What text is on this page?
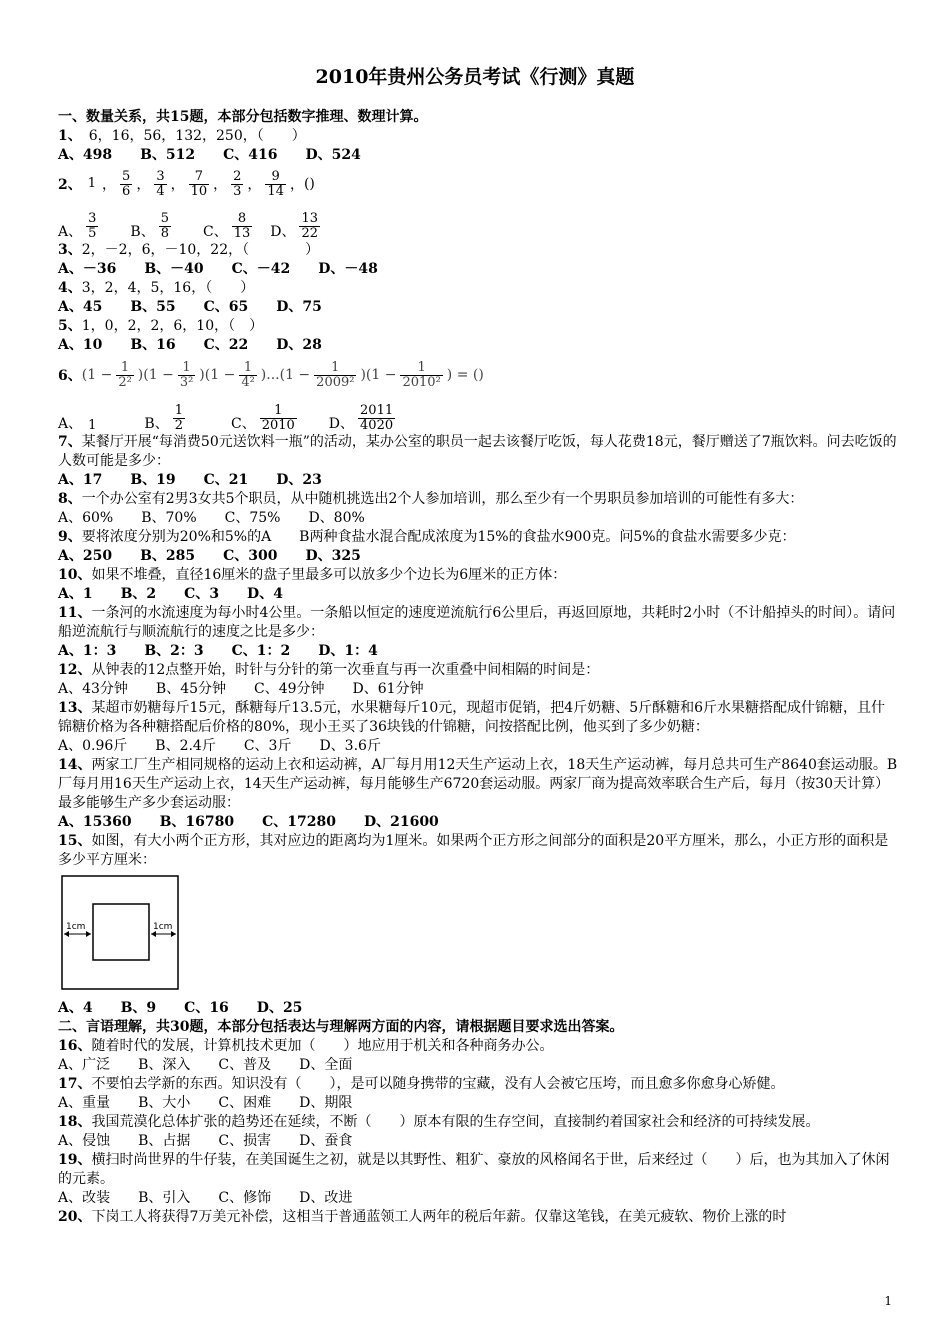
2010年贵州公务员考试《行测》真题
一、数量关系，共15题，本部分包括数字推理、数理计算。
1、　 6，16，56，132，250，（　　）
A、498　　B、512　　C、416　　D、524
2、 1 ， $\frac{5}{6}$ ， $\frac{3}{4}$ ， $\frac{7}{10}$ ， $\frac{2}{3}$ ， $\frac{9}{14}$ ， ()
A、 $\frac{3}{5}$
　　 B、 $\frac{5}{8}$
　　 C、 $\frac{8}{13}$
　 D、 $\frac{13}{22}$
3、2，－2，6，－10，22，（　　　　）
A、－36　　B、－40　　C、－42　　D、－48
4、3，2，4，5，16，（　　）
A、45　　B、55　　C、65　　D、75
5、1，0，2，2，6，10，（　）
A、10　　B、16　　C、22　　D、28
6、 $(1 - \frac{1}{\text{2²}} )(1 - \frac{1}{\text{3²}} )(1 - \frac{1}{\text{4²}} )...(1 - \frac{1}{\text{2009²}} )(1 - \frac{1}{\text{2010²}}$ ) = ()
A、 1
　　　	B、 $\frac{1}{2}$
　　　	C、 $\frac{1}{2010}$
　　 D、 $\frac{2011}{4020}$
7、某餐厅开展“每消费50元送饮料一瓶”的活动，某办公室的职员一起去该餐厅吃饭，每人花费18元，餐厅赠送了7瓶饮料。问去吃饭的人数可能是多少：
A、17　　B、19　　C、21　　D、23
8、一个办公室有2男3女共5个职员，从中随机挑选出2个人参加培训，那么至少有一个男职员参加培训的可能性有多大：
A、60%　　B、70%　　C、75%　　D、80%
9、要将浓度分别为20%和5%的A　　B两种食盐水混合配成浓度为15%的食盐水900克。问5%的食盐水需要多少克：
A、250　　B、285　　C、300　　D、325
10、如果不堆叠，直径16厘米的盘子里最多可以放多少个边长为6厘米的正方体：
A、1　　B、2　　C、3　　D、4
11、一条河的水流速度为每小时4公里。一条船以恒定的速度逆流航行6公里后，再返回原地，共耗时2小时（不计船掉头的时间）。请问船逆流航行与顺流航行的速度之比是多少：
A、1：3　　B、2：3　　C、1：2　　D、1：4
12、从钟表的12点整开始，时针与分针的第一次垂直与再一次重叠中间相隔的时间是：
A、43分钟　　B、45分钟　　C、49分钟　　D、61分钟
13、某超市奶糖每斤15元，酥糖每斤13.5元，水果糖每斤10元，现超市促销，把4斤奶糖、5斤酥糖和6斤水果糖搭配成什锦糖，且什锦糖价格为各种糖搭配后价格的80%，现小王买了36块钱的什锦糖，问按搭配比例，他买到了多少奶糖：
A、0.96斤　　B、2.4斤　　C、3斤　　D、3.6斤
14、两家工厂生产相同规格的运动上衣和运动裤，A厂每月用12天生产运动上衣，18天生产运动裤，每月总共可生产8640套运动服。B厂每月用16天生产运动上衣，14天生产运动裤，每月能够生产6720套运动服。两家厂商为提高效率联合生产后，每月（按30天计算）最多能够生产多少套运动服：
A、15360　　B、16780　　C、17280　　D、21600
15、如图，有大小两个正方形，其对应边的距离均为1厘米。如果两个正方形之间部分的面积是20平方厘米，那么，小正方形的面积是多少平方厘米：
1cm	1cm
A、4　　B、9　　C、16　　D、25
二、言语理解，共30题，本部分包括表达与理解两方面的内容，请根据题目要求选出答案。
16、随着时代的发展，计算机技术更加（　　）地应用于机关和各种商务办公。
A、广泛　　B、深入　　C、普及　　D、全面
17、不要怕去学新的东西。知识没有（　　），是可以随身携带的宝藏，没有人会被它压垮，而且愈多你愈身心矫健。
A、重量　　B、大小　　C、困难　　D、期限
18、我国荒漠化总体扩张的趋势还在延续，不断（　　）原本有限的生存空间，直接制约着国家社会和经济的可持续发展。
A、侵蚀　　B、占据　　C、损害　　D、蚕食
19、横扫时尚世界的牛仔装，在美国诞生之初，就是以其野性、粗犷、豪放的风格闻名于世，后来经过（　　）后，也为其加入了休闲的元素。
A、改装　　B、引入　　C、修饰　　D、改进
20、下岗工人将获得7万美元补偿，这相当于普通蓝领工人两年的税后年薪。仅靠这笔钱，在美元疲软、物价上涨的时
1
